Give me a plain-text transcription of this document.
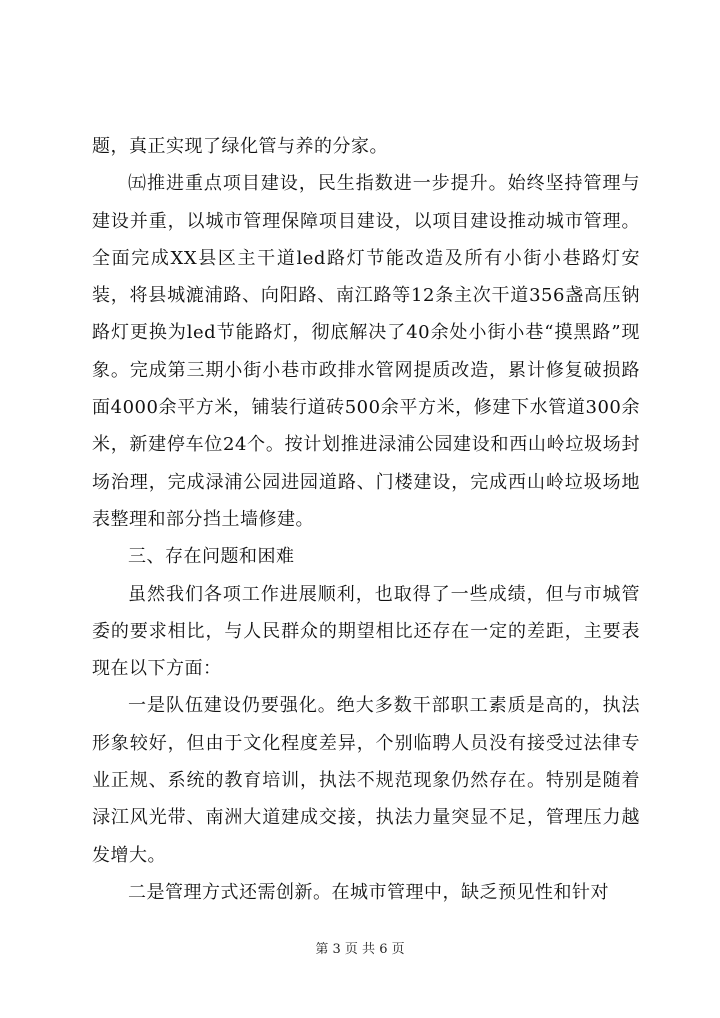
题，真正实现了绿化管与养的分家。

㈤推进重点项目建设，民生指数进一步提升。始终坚持管理与建设并重，以城市管理保障项目建设，以项目建设推动城市管理。全面完成XX县区主干道led路灯节能改造及所有小街小巷路灯安装，将县城漉浦路、向阳路、南江路等12条主次干道356盏高压钠路灯更换为led节能路灯，彻底解决了40余处小街小巷“摸黑路”现象。完成第三期小街小巷市政排水管网提质改造，累计修复破损路面4000余平方米，铺装行道砖500余平方米，修建下水管道300余米，新建停车位24个。按计划推进渌浦公园建设和西山岭垃圾场封场治理，完成渌浦公园进园道路、门楼建设，完成西山岭垃圾场地表整理和部分挡土墙修建。

三、存在问题和困难

虽然我们各项工作进展顺利，也取得了一些成绩，但与市城管委的要求相比，与人民群众的期望相比还存在一定的差距，主要表现在以下方面：

一是队伍建设仍要强化。绝大多数干部职工素质是高的，执法形象较好，但由于文化程度差异，个别临聘人员没有接受过法律专业正规、系统的教育培训，执法不规范现象仍然存在。特别是随着渌江风光带、南洲大道建成交接，执法力量突显不足，管理压力越发增大。

二是管理方式还需创新。在城市管理中，缺乏预见性和针对

第 3 页 共 6 页
